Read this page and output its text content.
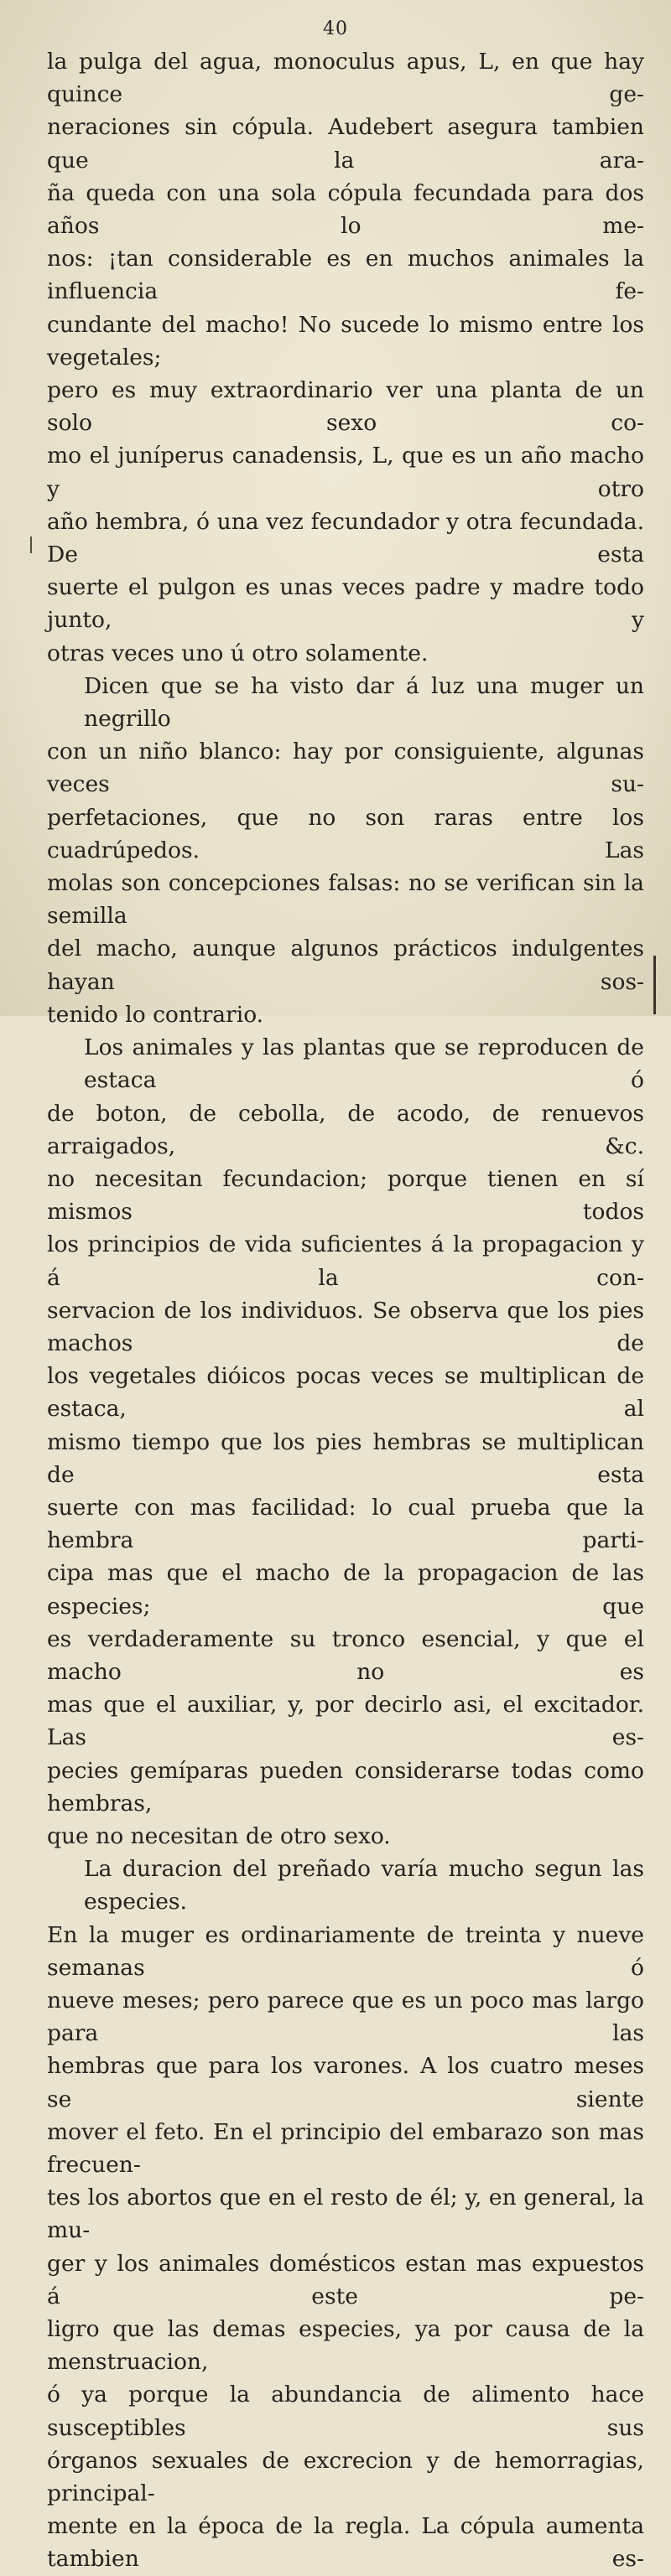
40
la pulga del agua, monoculus apus, L, en que hay quince ge-
neraciones sin cópula. Audebert asegura tambien que la ara-
ña queda con una sola cópula fecundada para dos años lo me-
nos: ¡tan considerable es en muchos animales la influencia fe-
cundante del macho! No sucede lo mismo entre los vegetales;
pero es muy extraordinario ver una planta de un solo sexo co-
mo el juníperus canadensis, L, que es un año macho y otro
año hembra, ó una vez fecundador y otra fecundada. De esta
suerte el pulgon es unas veces padre y madre todo junto, y
otras veces uno ú otro solamente.
Dicen que se ha visto dar á luz una muger un negrillo
con un niño blanco: hay por consiguiente, algunas veces su-
perfetaciones, que no son raras entre los cuadrúpedos. Las
molas son concepciones falsas: no se verifican sin la semilla
del macho, aunque algunos prácticos indulgentes hayan sos-
tenido lo contrario.
Los animales y las plantas que se reproducen de estaca ó
de boton, de cebolla, de acodo, de renuevos arraigados, &c.
no necesitan fecundacion; porque tienen en sí mismos todos
los principios de vida suficientes á la propagacion y á la con-
servacion de los individuos. Se observa que los pies machos de
los vegetales dióicos pocas veces se multiplican de estaca, al
mismo tiempo que los pies hembras se multiplican de esta
suerte con mas facilidad: lo cual prueba que la hembra parti-
cipa mas que el macho de la propagacion de las especies; que
es verdaderamente su tronco esencial, y que el macho no es
mas que el auxiliar, y, por decirlo asi, el excitador. Las es-
pecies gemíparas pueden considerarse todas como hembras,
que no necesitan de otro sexo.
La duracion del preñado varía mucho segun las especies.
En la muger es ordinariamente de treinta y nueve semanas ó
nueve meses; pero parece que es un poco mas largo para las
hembras que para los varones. A los cuatro meses se siente
mover el feto. En el principio del embarazo son mas frecuen-
tes los abortos que en el resto de él; y, en general, la mu-
ger y los animales domésticos estan mas expuestos á este pe-
ligro que las demas especies, ya por causa de la menstruacion,
ó ya porque la abundancia de alimento hace susceptibles sus
órganos sexuales de excrecion y de hemorragias, principal-
mente en la época de la regla. La cópula aumenta tambien es-
